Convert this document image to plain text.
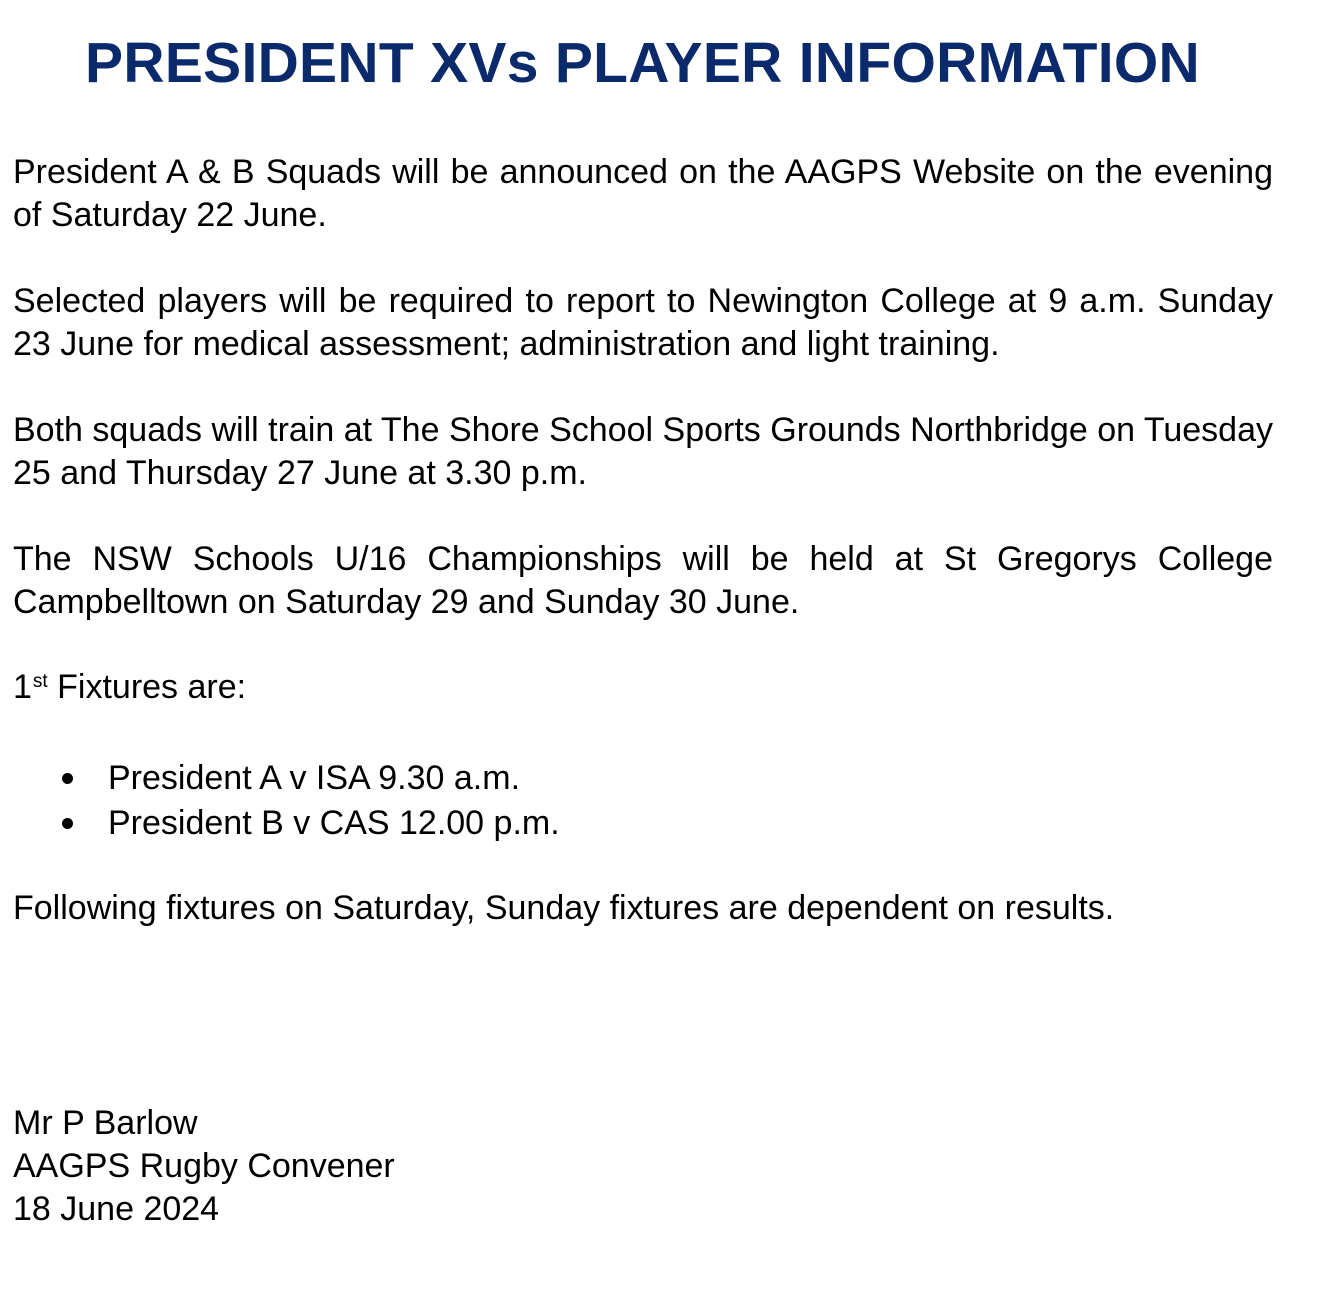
PRESIDENT XVs PLAYER INFORMATION

President A & B Squads will be announced on the AAGPS Website on the evening of Saturday 22 June.

Selected players will be required to report to Newington College at 9 a.m. Sunday 23 June for medical assessment; administration and light training.

Both squads will train at The Shore School Sports Grounds Northbridge on Tuesday 25 and Thursday 27 June at 3.30 p.m.

The NSW Schools U/16 Championships will be held at St Gregorys College Campbelltown on Saturday 29 and Sunday 30 June.

1st Fixtures are:

President A v ISA 9.30 a.m.
President B v CAS 12.00 p.m.

Following fixtures on Saturday, Sunday fixtures are dependent on results.

Mr P Barlow
AAGPS Rugby Convener
18 June 2024
